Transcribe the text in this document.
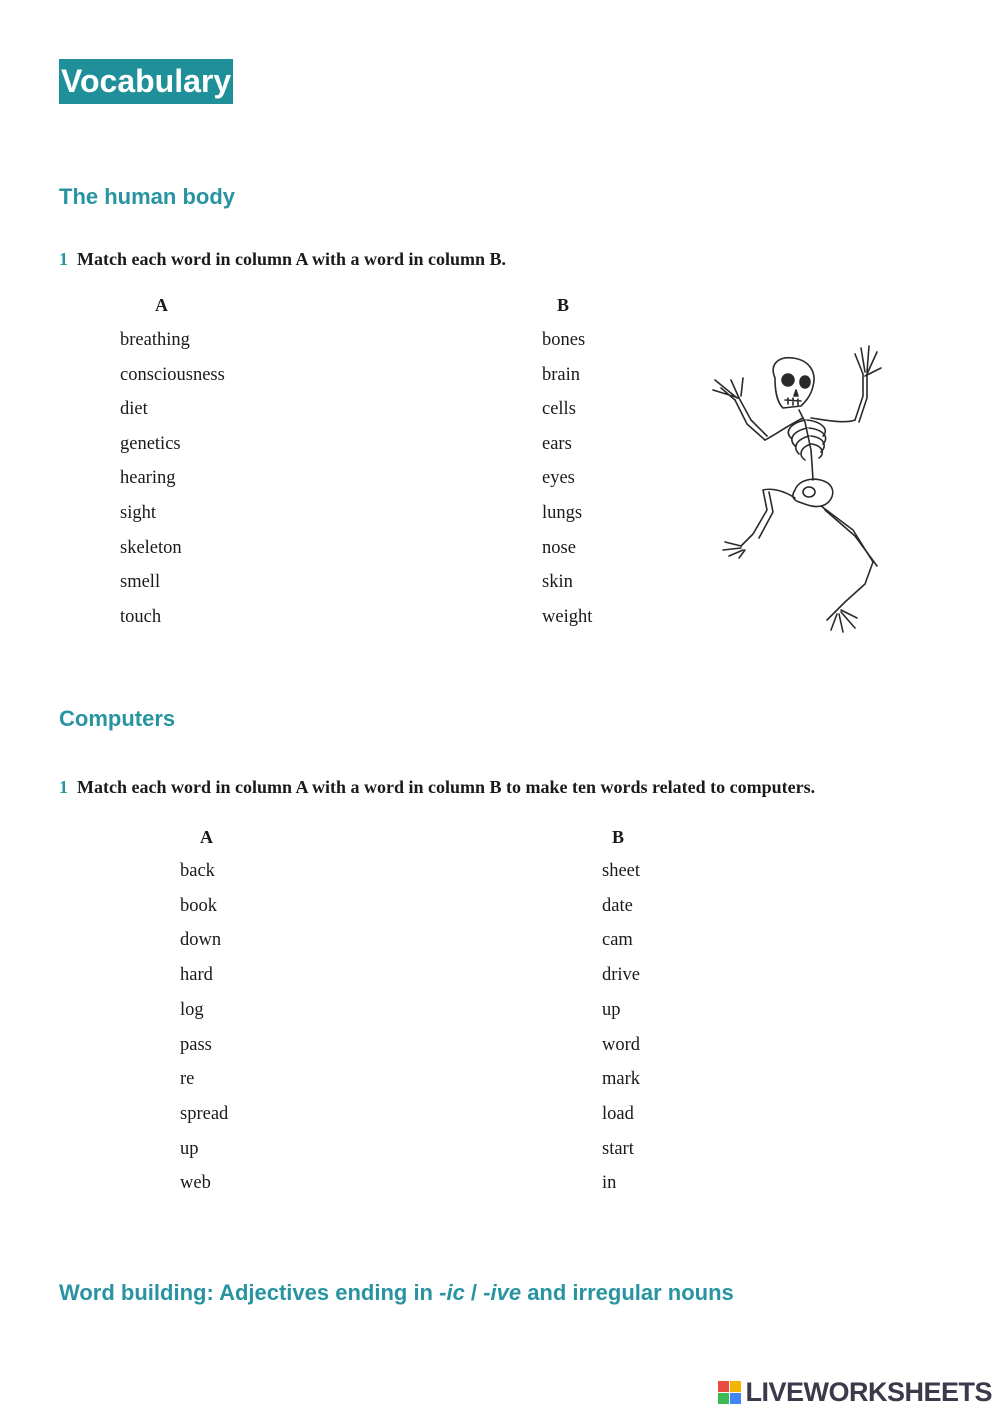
Vocabulary
The human body
1 Match each word in column A with a word in column B.
A	B
breathing
consciousness
diet
genetics
hearing
sight
skeleton
smell
touch
bones
brain
cells
ears
eyes
lungs
nose
skin
weight
Computers
1 Match each word in column A with a word in column B to make ten words related to computers.
A	B
back
book
down
hard
log
pass
re
spread
up
web
sheet
date
cam
drive
up
word
mark
load
start
in
Word building: Adjectives ending in -ic / -ive and irregular nouns
LIVEWORKSHEETS
